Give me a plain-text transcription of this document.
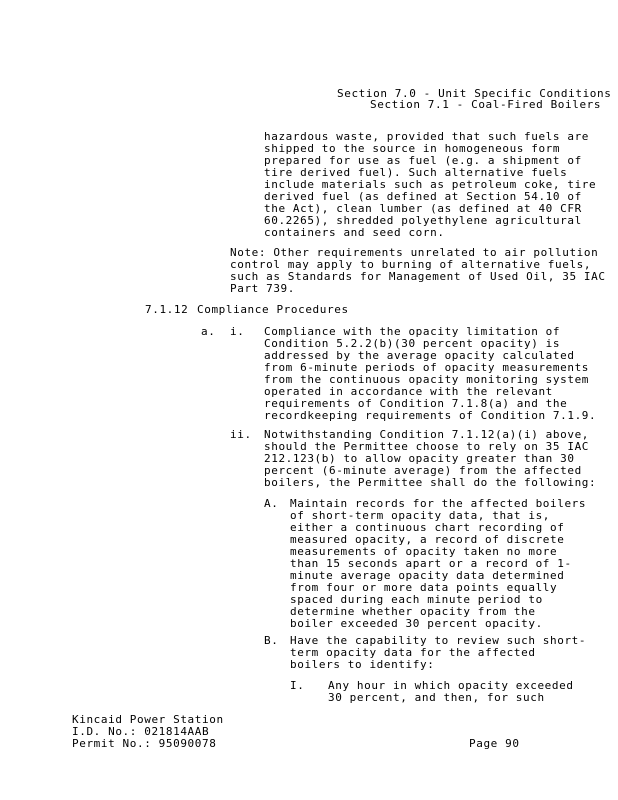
Section 7.0 - Unit Specific Conditions
Section 7.1 - Coal-Fired Boilers
hazardous waste, provided that such fuels are
shipped to the source in homogeneous form
prepared for use as fuel (e.g. a shipment of
tire derived fuel). Such alternative fuels
include materials such as petroleum coke, tire
derived fuel (as defined at Section 54.10 of
the Act), clean lumber (as defined at 40 CFR
60.2265), shredded polyethylene agricultural
containers and seed corn.
Note: Other requirements unrelated to air pollution
control may apply to burning of alternative fuels,
such as Standards for Management of Used Oil, 35 IAC
Part 739.
7.1.12 Compliance Procedures
a. i. Compliance with the opacity limitation of
Condition 5.2.2(b)(30 percent opacity) is
addressed by the average opacity calculated
from 6-minute periods of opacity measurements
from the continuous opacity monitoring system
operated in accordance with the relevant
requirements of Condition 7.1.8(a) and the
recordkeeping requirements of Condition 7.1.9.
ii. Notwithstanding Condition 7.1.12(a)(i) above,
should the Permittee choose to rely on 35 IAC
212.123(b) to allow opacity greater than 30
percent (6-minute average) from the affected
boilers, the Permittee shall do the following:
A. Maintain records for the affected boilers
of short-term opacity data, that is,
either a continuous chart recording of
measured opacity, a record of discrete
measurements of opacity taken no more
than 15 seconds apart or a record of 1-
minute average opacity data determined
from four or more data points equally
spaced during each minute period to
determine whether opacity from the
boiler exceeded 30 percent opacity.
B. Have the capability to review such short-
term opacity data for the affected
boilers to identify:
I. Any hour in which opacity exceeded
30 percent, and then, for such
Kincaid Power Station
I.D. No.: 021814AAB
Permit No.: 95090078	Page 90
